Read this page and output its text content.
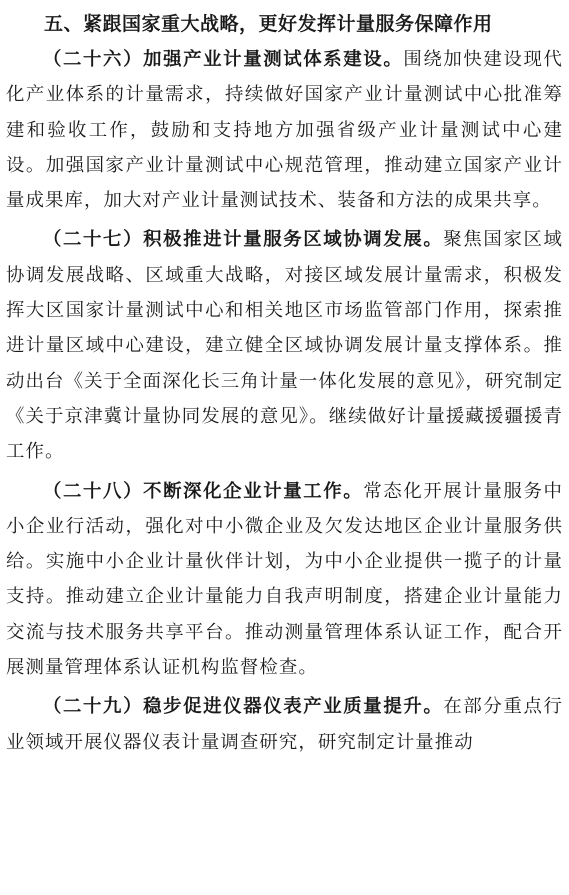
五、紧跟国家重大战略，更好发挥计量服务保障作用

（二十六）加强产业计量测试体系建设。围绕加快建设现代化产业体系的计量需求，持续做好国家产业计量测试中心批准筹建和验收工作，鼓励和支持地方加强省级产业计量测试中心建设。加强国家产业计量测试中心规范管理，推动建立国家产业计量成果库，加大对产业计量测试技术、装备和方法的成果共享。

（二十七）积极推进计量服务区域协调发展。聚焦国家区域协调发展战略、区域重大战略，对接区域发展计量需求，积极发挥大区国家计量测试中心和相关地区市场监管部门作用，探索推进计量区域中心建设，建立健全区域协调发展计量支撑体系。推动出台《关于全面深化长三角计量一体化发展的意见》，研究制定《关于京津冀计量协同发展的意见》。继续做好计量援藏援疆援青工作。

（二十八）不断深化企业计量工作。常态化开展计量服务中小企业行活动，强化对中小微企业及欠发达地区企业计量服务供给。实施中小企业计量伙伴计划，为中小企业提供一揽子的计量支持。推动建立企业计量能力自我声明制度，搭建企业计量能力交流与技术服务共享平台。推动测量管理体系认证工作，配合开展测量管理体系认证机构监督检查。

（二十九）稳步促进仪器仪表产业质量提升。在部分重点行业领域开展仪器仪表计量调查研究，研究制定计量推动
